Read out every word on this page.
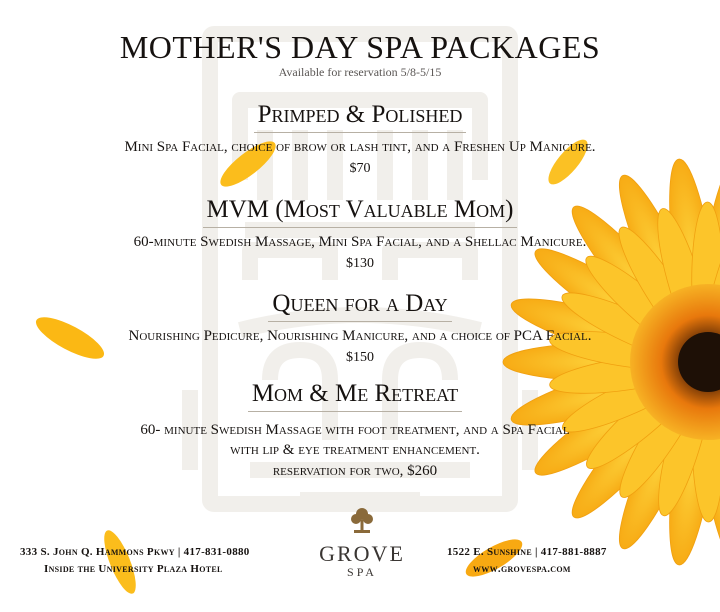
MOTHER'S DAY SPA PACKAGES
Available for reservation 5/8-5/15
Primped & Polished
Mini Spa Facial, choice of brow or lash tint, and a Freshen Up Manicure.
$70
MVM (Most Valuable Mom)
60-minute Swedish Massage, Mini Spa Facial, and a Shellac Manicure.
$130
Queen for a Day
Nourishing Pedicure, Nourishing Manicure, and a choice of PCA Facial.
$150
Mom & Me Retreat
60- minute Swedish Massage with foot treatment, and a Spa Facial
with lip & eye treatment enhancement.
reservation for two, $260
333 S. John Q. Hammons Pkwy | 417-831-0880
Inside the University Plaza Hotel
GROVE
SPA
1522 E. Sunshine | 417-881-8887
www.grovespa.com
